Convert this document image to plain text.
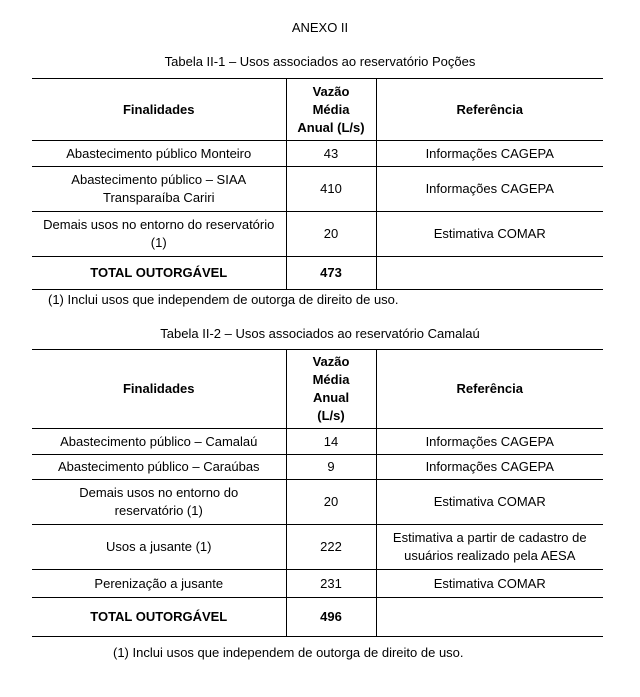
ANEXO II
Tabela II-1 – Usos associados ao reservatório Poções
Finalidades	Vazão Média Anual (L/s)	Referência
Abastecimento público Monteiro	43	Informações CAGEPA
Abastecimento público – SIAA Transparaíba Cariri	410	Informações CAGEPA
Demais usos no entorno do reservatório (1)	20	Estimativa COMAR
TOTAL OUTORGÁVEL	473	
(1) Inclui usos que independem de outorga de direito de uso.
Tabela II-2 – Usos associados ao reservatório Camalaú
Finalidades	Vazão Média Anual (L/s)	Referência
Abastecimento público – Camalaú	14	Informações CAGEPA
Abastecimento público – Caraúbas	9	Informações CAGEPA
Demais usos no entorno do reservatório (1)	20	Estimativa COMAR
Usos a jusante (1)	222	Estimativa a partir de cadastro de usuários realizado pela AESA
Perenização a jusante	231	Estimativa COMAR
TOTAL OUTORGÁVEL	496	
(1) Inclui usos que independem de outorga de direito de uso.
